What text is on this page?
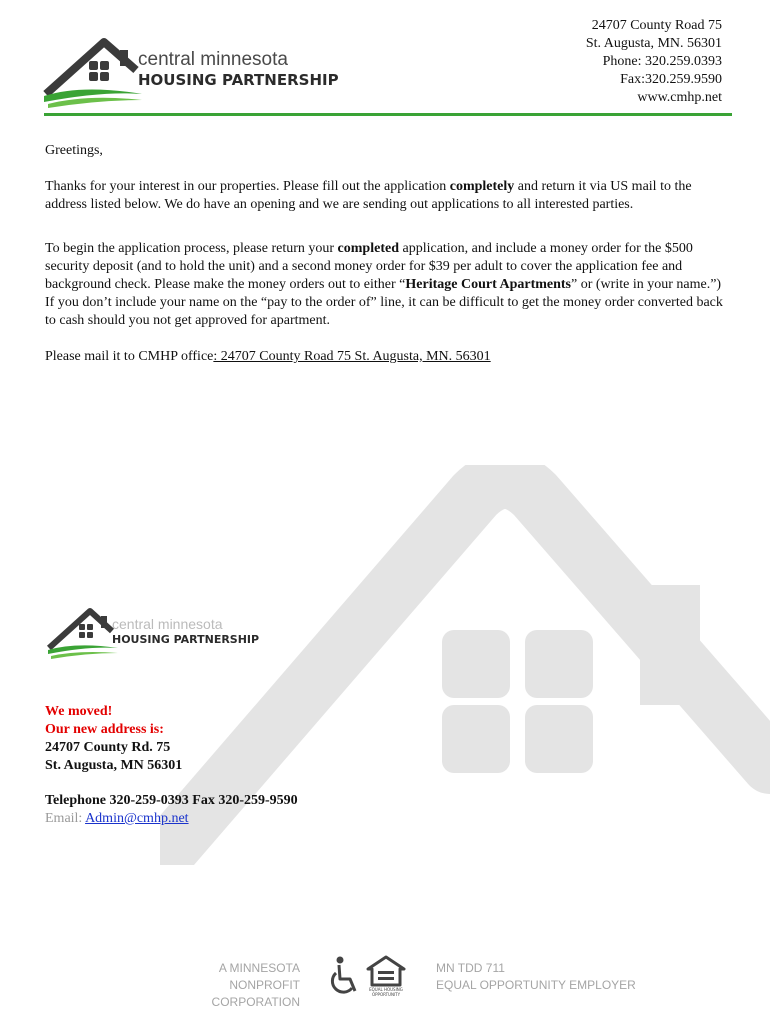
central minnesota
HOUSING PARTNERSHIP
24707 County Road 75
St. Augusta, MN. 56301
Phone: 320.259.0393
Fax:320.259.9590
www.cmhp.net

Greetings,

Thanks for your interest in our properties. Please fill out the application completely and return it via US mail to the address listed below. We do have an opening and we are sending out applications to all interested parties.

To begin the application process, please return your completed application, and include a money order for the $500 security deposit (and to hold the unit) and a second money order for $39 per adult to cover the application fee and background check. Please make the money orders out to either “Heritage Court Apartments” or (write in your name.”) If you don’t include your name on the “pay to the order of” line, it can be difficult to get the money order converted back to cash should you not get approved for apartment.

Please mail it to CMHP office: 24707 County Road 75 St. Augusta, MN. 56301

central minnesota
HOUSING PARTNERSHIP
We moved!
Our new address is:
24707 County Rd. 75
St. Augusta, MN 56301
Telephone 320-259-0393 Fax 320-259-9590
Email: Admin@cmhp.net
A MINNESOTA
NONPROFIT CORPORATION
EQUAL HOUSING
OPPORTUNITY
MN TDD 711
EQUAL OPPORTUNITY EMPLOYER
